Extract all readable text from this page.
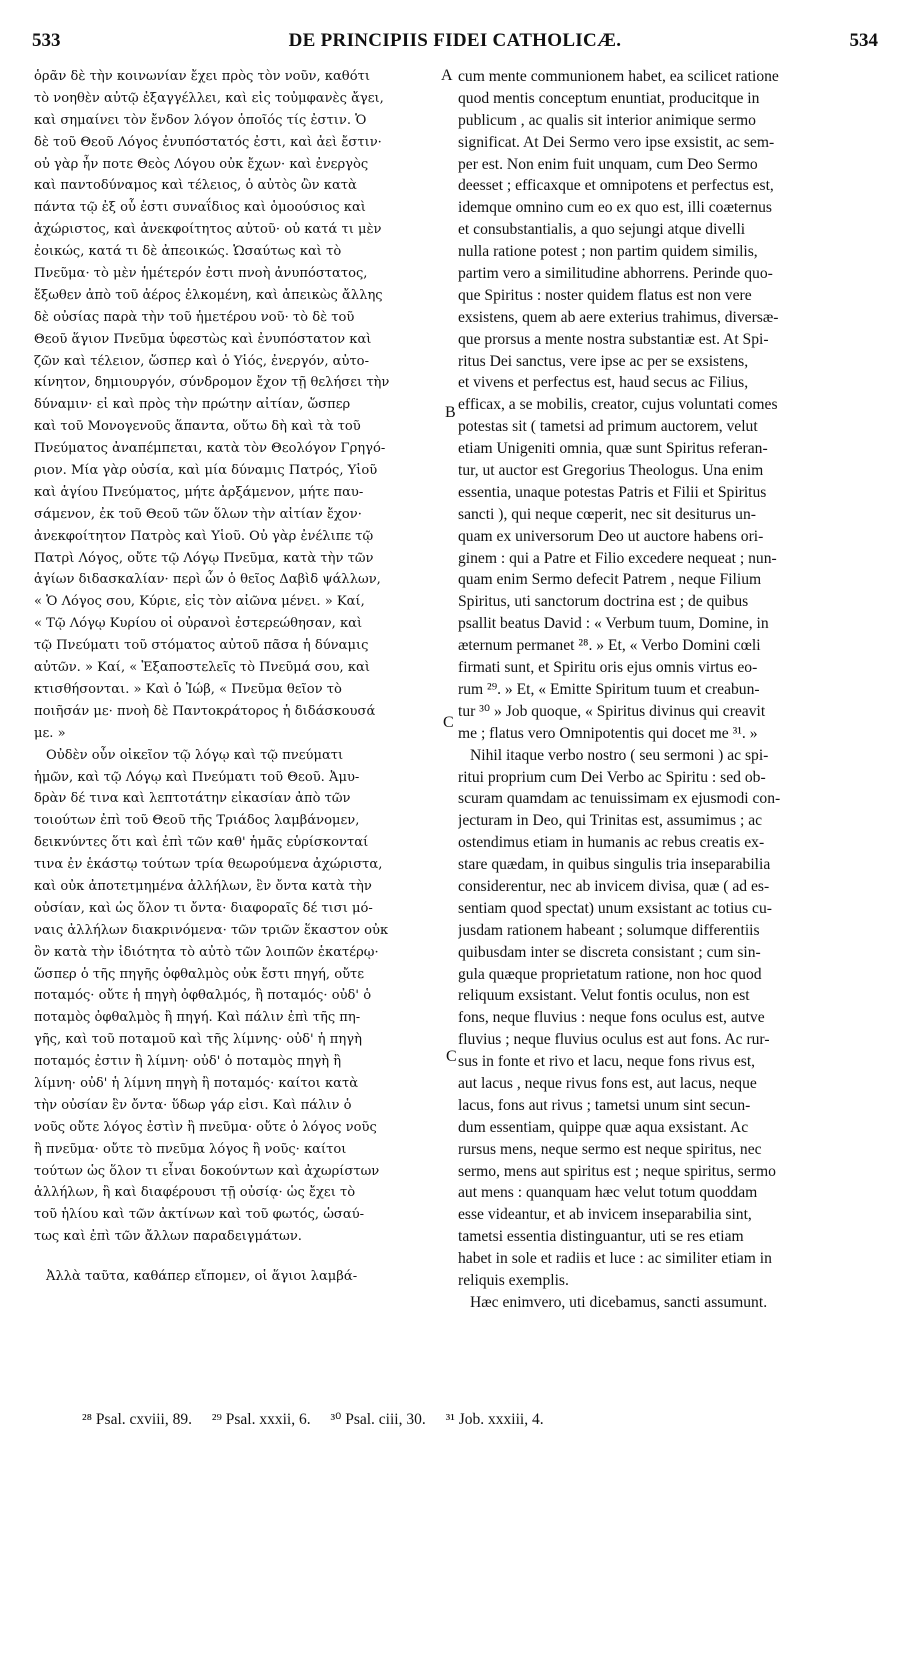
533	DE PRINCIPIIS FIDEI CATHOLICÆ.	534
ὁρᾶν δὲ τὴν κοινωνίαν ἔχει πρὸς τὸν νοῦν, καθότι
τὸ νοηθὲν αὐτῷ ἐξαγγέλλει, καὶ εἰς τοὐμφανὲς ἄγει,
καὶ σημαίνει τὸν ἔνδον λόγον ὁποῖός τίς ἐστιν. Ὁ
δὲ τοῦ Θεοῦ Λόγος ἐνυπόστατός ἐστι, καὶ ἀεὶ ἔστιν·
οὐ γὰρ ἦν ποτε Θεὸς Λόγου οὐκ ἔχων· καὶ ἐνεργὸς
καὶ παντοδύναμος καὶ τέλειος, ὁ αὐτὸς ὢν κατὰ
πάντα τῷ ἐξ οὗ ἐστι συναΐδιος καὶ ὁμοούσιος καὶ
ἀχώριστος, καὶ ἀνεκφοίτητος αὐτοῦ· οὐ κατά τι μὲν
ἐοικώς, κατά τι δὲ ἀπεοικώς. Ὡσαύτως καὶ τὸ
Πνεῦμα· τὸ μὲν ἡμέτερόν ἐστι πνοὴ ἀνυπόστατος,
ἔξωθεν ἀπὸ τοῦ ἀέρος ἑλκομένη, καὶ ἀπεικὼς ἄλλης
δὲ οὐσίας παρὰ τὴν τοῦ ἡμετέρου νοῦ· τὸ δὲ τοῦ
Θεοῦ ἅγιον Πνεῦμα ὑφεστὼς καὶ ἐνυπόστατον καὶ
ζῶν καὶ τέλειον, ὥσπερ καὶ ὁ Υἱός, ἐνεργόν, αὐτο-
κίνητον, δημιουργόν, σύνδρομον ἔχον τῇ θελήσει τὴν
δύναμιν· εἰ καὶ πρὸς τὴν πρώτην αἰτίαν, ὥσπερ
καὶ τοῦ Μονογενοῦς ἅπαντα, οὕτω δὴ καὶ τὰ τοῦ
Πνεύματος ἀναπέμπεται, κατὰ τὸν Θεολόγον Γρηγό-
ριον. Μία γὰρ οὐσία, καὶ μία δύναμις Πατρός, Υἱοῦ
καὶ ἁγίου Πνεύματος, μήτε ἀρξάμενον, μήτε παυ-
σάμενον, ἐκ τοῦ Θεοῦ τῶν ὅλων τὴν αἰτίαν ἔχον·
ἀνεκφοίτητον Πατρὸς καὶ Υἱοῦ. Οὐ γὰρ ἐνέλιπε τῷ
Πατρὶ Λόγος, οὔτε τῷ Λόγῳ Πνεῦμα, κατὰ τὴν τῶν
ἁγίων διδασκαλίαν· περὶ ὧν ὁ θεῖος Δαβὶδ ψάλλων,
« Ὁ Λόγος σου, Κύριε, εἰς τὸν αἰῶνα μένει. » Καί,
« Τῷ Λόγῳ Κυρίου οἱ οὐρανοὶ ἐστερεώθησαν, καὶ
τῷ Πνεύματι τοῦ στόματος αὐτοῦ πᾶσα ἡ δύναμις
αὐτῶν. » Καί, « Ἐξαποστελεῖς τὸ Πνεῦμά σου, καὶ
κτισθήσονται. » Καὶ ὁ Ἰώβ, « Πνεῦμα θεῖον τὸ
ποιῆσάν με· πνοὴ δὲ Παντοκράτορος ἡ διδάσκουσά
με. »
Οὐδὲν οὖν οἰκεῖον τῷ λόγῳ καὶ τῷ πνεύματι
ἡμῶν, καὶ τῷ Λόγῳ καὶ Πνεύματι τοῦ Θεοῦ. Ἀμυ-
δρὰν δέ τινα καὶ λεπτοτάτην εἰκασίαν ἀπὸ τῶν
τοιούτων ἐπὶ τοῦ Θεοῦ τῆς Τριάδος λαμβάνομεν,
δεικνύντες ὅτι καὶ ἐπὶ τῶν καθ' ἡμᾶς εὑρίσκονταί
τινα ἐν ἑκάστῳ τούτων τρία θεωρούμενα ἀχώριστα,
καὶ οὐκ ἀποτετμημένα ἀλλήλων, ἓν ὄντα κατὰ τὴν
οὐσίαν, καὶ ὡς ὅλον τι ὄντα· διαφοραῖς δέ τισι μό-
ναις ἀλλήλων διακρινόμενα· τῶν τριῶν ἕκαστον οὐκ
ὂν κατὰ τὴν ἰδιότητα τὸ αὐτὸ τῶν λοιπῶν ἑκατέρῳ·
ὥσπερ ὁ τῆς πηγῆς ὀφθαλμὸς οὐκ ἔστι πηγή, οὔτε
ποταμός· οὔτε ἡ πηγὴ ὀφθαλμός, ἢ ποταμός· οὐδ' ὁ
ποταμὸς ὀφθαλμὸς ἢ πηγή. Καὶ πάλιν ἐπὶ τῆς πη-
γῆς, καὶ τοῦ ποταμοῦ καὶ τῆς λίμνης· οὐδ' ἡ πηγὴ
ποταμός ἐστιν ἢ λίμνη· οὐδ' ὁ ποταμὸς πηγὴ ἢ
λίμνη· οὐδ' ἡ λίμνη πηγὴ ἢ ποταμός· καίτοι κατὰ
τὴν οὐσίαν ἓν ὄντα· ὕδωρ γάρ εἰσι. Καὶ πάλιν ὁ
νοῦς οὔτε λόγος ἐστὶν ἢ πνεῦμα· οὔτε ὁ λόγος νοῦς
ἢ πνεῦμα· οὔτε τὸ πνεῦμα λόγος ἢ νοῦς· καίτοι
τούτων ὡς ὅλον τι εἶναι δοκούντων καὶ ἀχωρίστων
ἀλλήλων, ἢ καὶ διαφέρουσι τῇ οὐσίᾳ· ὡς ἔχει τὸ
τοῦ ἡλίου καὶ τῶν ἀκτίνων καὶ τοῦ φωτός, ὡσαύ-
τως καὶ ἐπὶ τῶν ἄλλων παραδειγμάτων.
Ἀλλὰ ταῦτα, καθάπερ εἴπομεν, οἱ ἅγιοι λαμβά-
cum mente communionem habet, ea scilicet ratione
quod mentis conceptum enuntiat, producitque in
publicum , ac qualis sit interior animique sermo
significat. At Dei Sermo vero ipse exsistit, ac sem-
per est. Non enim fuit unquam, cum Deo Sermo
deesset ; efficaxque et omnipotens et perfectus est,
idemque omnino cum eo ex quo est, illi coæternus
et consubstantialis, a quo sejungi atque divelli
nulla ratione potest ; non partim quidem similis,
partim vero a similitudine abhorrens. Perinde quo-
que Spiritus : noster quidem flatus est non vere
exsistens, quem ab aere exterius trahimus, diversæ-
que prorsus a mente nostra substantiæ est. At Spi-
ritus Dei sanctus, vere ipse ac per se exsistens,
et vivens et perfectus est, haud secus ac Filius,
efficax, a se mobilis, creator, cujus voluntati comes
potestas sit ( tametsi ad primum auctorem, velut
etiam Unigeniti omnia, quæ sunt Spiritus referan-
tur, ut auctor est Gregorius Theologus. Una enim
essentia, unaque potestas Patris et Filii et Spiritus
sancti ), qui neque cœperit, nec sit desiturus un-
quam ex universorum Deo ut auctore habens ori-
ginem : qui a Patre et Filio excedere nequeat ; nun-
quam enim Sermo defecit Patrem , neque Filium
Spiritus, uti sanctorum doctrina est ; de quibus
psallit beatus David : « Verbum tuum, Domine, in
æternum permanet ²⁸. » Et, « Verbo Domini cœli
firmati sunt, et Spiritu oris ejus omnis virtus eo-
rum ²⁹. » Et, « Emitte Spiritum tuum et creabun-
tur ³⁰ » Job quoque, « Spiritus divinus qui creavit
me ; flatus vero Omnipotentis qui docet me ³¹. »
Nihil itaque verbo nostro ( seu sermoni ) ac spi-
ritui proprium cum Dei Verbo ac Spiritu : sed ob-
scuram quamdam ac tenuissimam ex ejusmodi con-
jecturam in Deo, qui Trinitas est, assumimus ; ac
ostendimus etiam in humanis ac rebus creatis ex-
stare quædam, in quibus singulis tria inseparabilia
considerentur, nec ab invicem divisa, quæ ( ad es-
sentiam quod spectat) unum exsistant ac totius cu-
jusdam rationem habeant ; solumque differentiis
quibusdam inter se discreta consistant ; cum sin-
gula quæque proprietatum ratione, non hoc quod
reliquum exsistant. Velut fontis oculus, non est
fons, neque fluvius : neque fons oculus est, autve
fluvius ; neque fluvius oculus est aut fons. Ac rur-
sus in fonte et rivo et lacu, neque fons rivus est,
aut lacus , neque rivus fons est, aut lacus, neque
lacus, fons aut rivus ; tametsi unum sint secun-
dum essentiam, quippe quæ aqua exsistant. Ac
rursus mens, neque sermo est neque spiritus, nec
sermo, mens aut spiritus est ; neque spiritus, sermo
aut mens : quanquam hæc velut totum quoddam
esse videantur, et ab invicem inseparabilia sint,
tametsi essentia distinguantur, uti se res etiam
habet in sole et radiis et luce : ac similiter etiam in
reliquis exemplis.
Hæc enimvero, uti dicebamus, sancti assumunt.
A
B
C
C
²⁸ Psal. cxviii, 89. ²⁹ Psal. xxxii, 6. ³⁰ Psal. ciii, 30. ³¹ Job. xxxiii, 4.
